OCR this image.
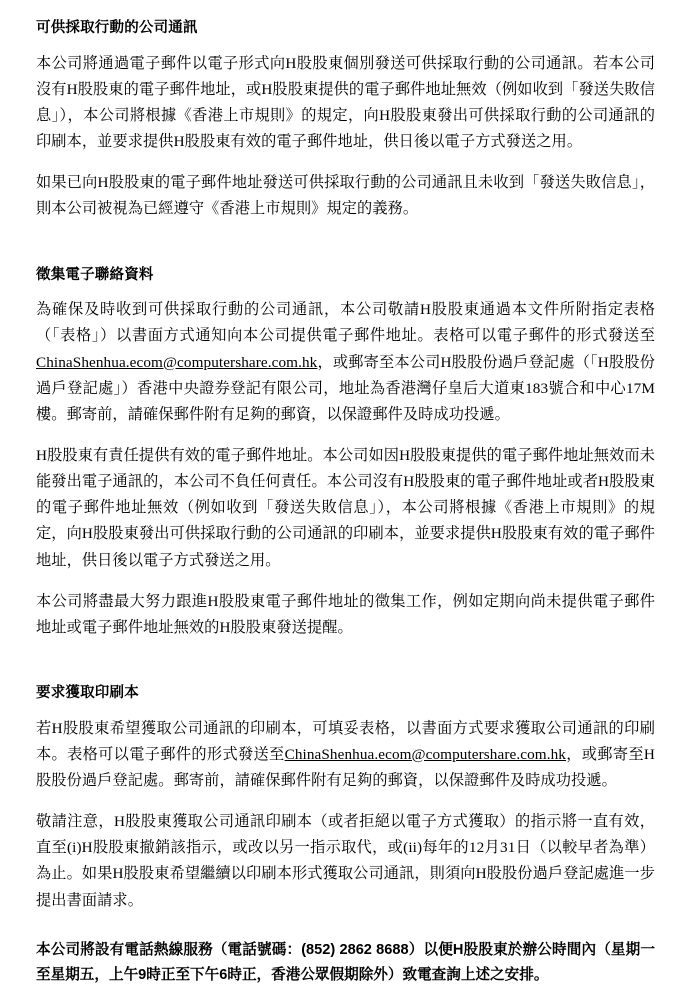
可供採取行動的公司通訊

本公司將通過電子郵件以電子形式向H股股東個別發送可供採取行動的公司通訊。若本公司沒有H股股東的電子郵件地址，或H股股東提供的電子郵件地址無效（例如收到「發送失敗信息」），本公司將根據《香港上市規則》的規定，向H股股東發出可供採取行動的公司通訊的印刷本，並要求提供H股股東有效的電子郵件地址，供日後以電子方式發送之用。

如果已向H股股東的電子郵件地址發送可供採取行動的公司通訊且未收到「發送失敗信息」，則本公司被視為已經遵守《香港上市規則》規定的義務。

徵集電子聯絡資料

為確保及時收到可供採取行動的公司通訊，本公司敬請H股股東通過本文件所附指定表格（「表格」）以書面方式通知向本公司提供電子郵件地址。表格可以電子郵件的形式發送至ChinaShenhua.ecom@computershare.com.hk，或郵寄至本公司H股股份過戶登記處（「H股股份過戶登記處」）香港中央證券登記有限公司，地址為香港灣仔皇后大道東183號合和中心17M樓。郵寄前，請確保郵件附有足夠的郵資，以保證郵件及時成功投遞。

H股股東有責任提供有效的電子郵件地址。本公司如因H股股東提供的電子郵件地址無效而未能發出電子通訊的，本公司不負任何責任。本公司沒有H股股東的電子郵件地址或者H股股東的電子郵件地址無效（例如收到「發送失敗信息」），本公司將根據《香港上市規則》的規定，向H股股東發出可供採取行動的公司通訊的印刷本，並要求提供H股股東有效的電子郵件地址，供日後以電子方式發送之用。

本公司將盡最大努力跟進H股股東電子郵件地址的徵集工作，例如定期向尚未提供電子郵件地址或電子郵件地址無效的H股股東發送提醒。

要求獲取印刷本

若H股股東希望獲取公司通訊的印刷本，可填妥表格，以書面方式要求獲取公司通訊的印刷本。表格可以電子郵件的形式發送至ChinaShenhua.ecom@computershare.com.hk，或郵寄至H股股份過戶登記處。郵寄前，請確保郵件附有足夠的郵資，以保證郵件及時成功投遞。

敬請注意，H股股東獲取公司通訊印刷本（或者拒絕以電子方式獲取）的指示將一直有效，直至(i)H股股東撤銷該指示，或改以另一指示取代，或(ii)每年的12月31日（以較早者為準）為止。如果H股股東希望繼續以印刷本形式獲取公司通訊，則須向H股股份過戶登記處進一步提出書面請求。

本公司將設有電話熱線服務（電話號碼：(852) 2862 8688）以便H股股東於辦公時間內（星期一至星期五，上午9時正至下午6時正，香港公眾假期除外）致電查詢上述之安排。
